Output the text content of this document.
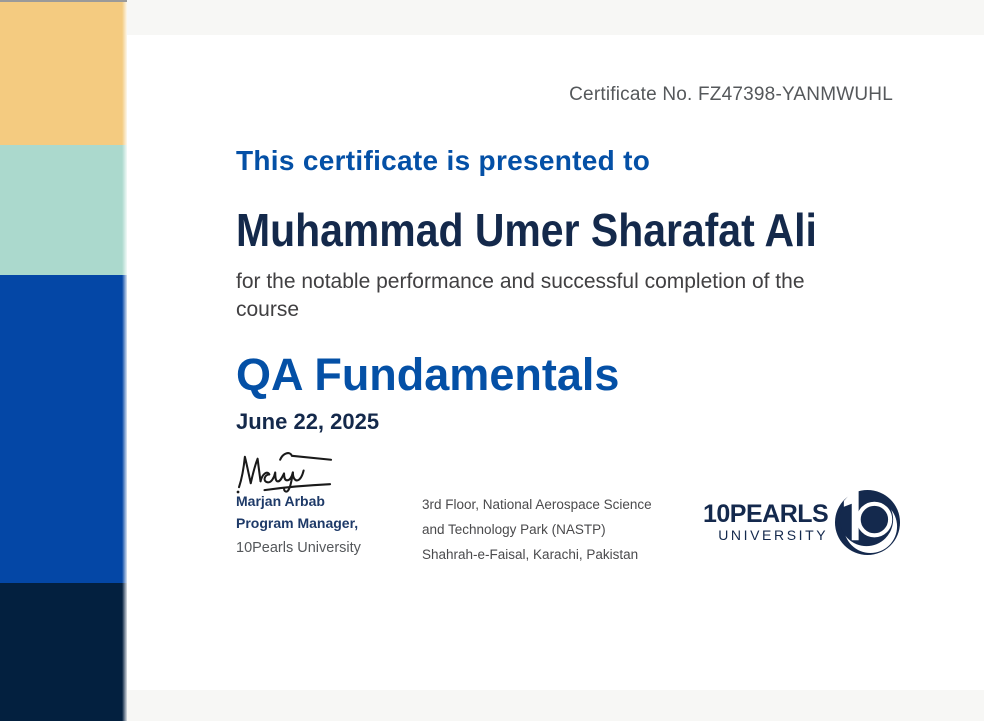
Certificate No. FZ47398-YANMWUHL
This certificate is presented to
Muhammad Umer Sharafat Ali

for the notable performance and successful completion of the course

QA Fundamentals
June 22, 2025
Marjan Arbab
Program Manager,
10Pearls University
3rd Floor, National Aerospace Science
and Technology Park (NASTP)
Shahrah-e-Faisal, Karachi, Pakistan
10PEARLS
UNIVERSITY
